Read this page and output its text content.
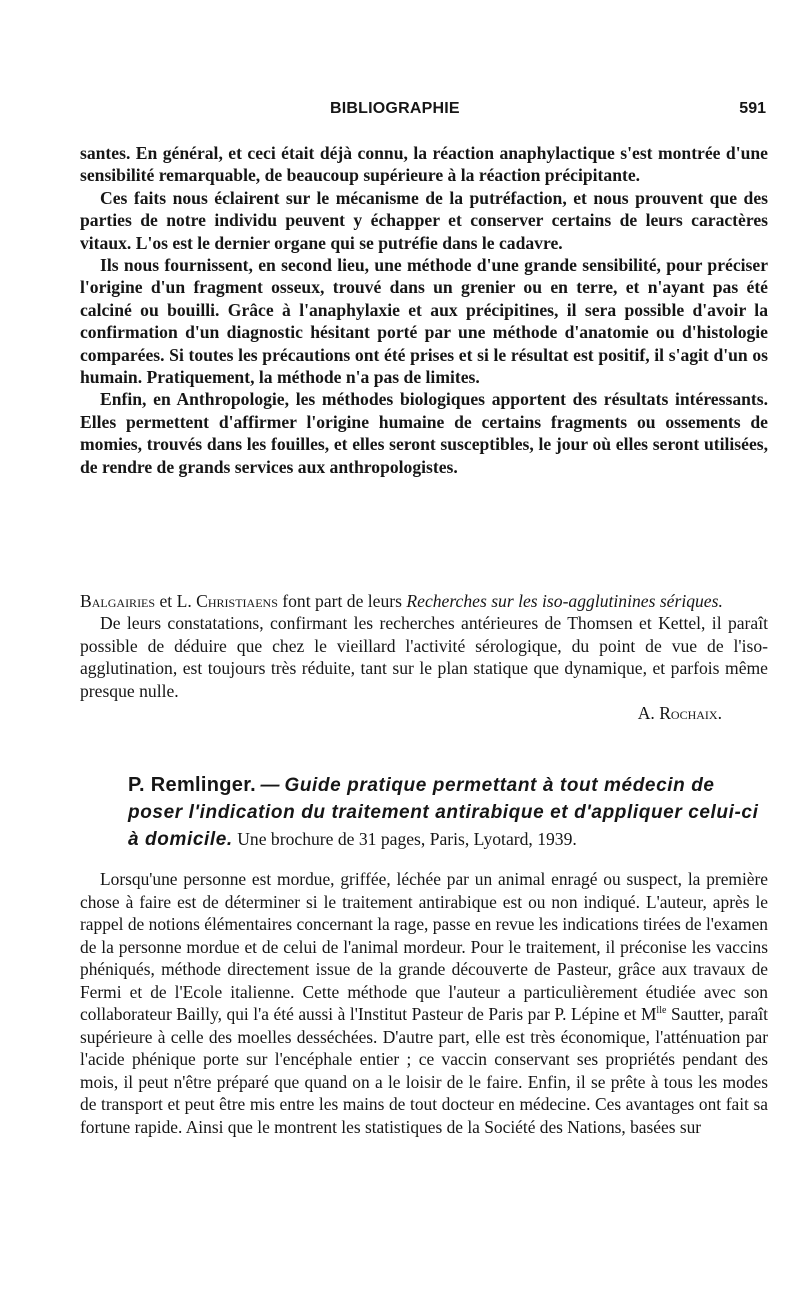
BIBLIOGRAPHIE	591

santes. En général, et ceci était déjà connu, la réaction anaphylactique s'est montrée d'une sensibilité remarquable, de beaucoup supérieure à la réaction précipitante.

Ces faits nous éclairent sur le mécanisme de la putréfaction, et nous prouvent que des parties de notre individu peuvent y échapper et conserver certains de leurs caractères vitaux. L'os est le dernier organe qui se putréfie dans le cadavre.

Ils nous fournissent, en second lieu, une méthode d'une grande sensibilité, pour préciser l'origine d'un fragment osseux, trouvé dans un grenier ou en terre, et n'ayant pas été calciné ou bouilli. Grâce à l'anaphylaxie et aux précipitines, il sera possible d'avoir la confirmation d'un diagnostic hésitant porté par une méthode d'anatomie ou d'histologie comparées. Si toutes les précautions ont été prises et si le résultat est positif, il s'agit d'un os humain. Pratiquement, la méthode n'a pas de limites.

Enfin, en Anthropologie, les méthodes biologiques apportent des résultats intéressants. Elles permettent d'affirmer l'origine humaine de certains fragments ou ossements de momies, trouvés dans les fouilles, et elles seront susceptibles, le jour où elles seront utilisées, de rendre de grands services aux anthropologistes.

Balgairies et L. Christiaens font part de leurs Recherches sur les iso-agglutinines sériques.

De leurs constatations, confirmant les recherches antérieures de Thomsen et Kettel, il paraît possible de déduire que chez le vieillard l'activité sérologique, du point de vue de l'iso-agglutination, est toujours très réduite, tant sur le plan statique que dynamique, et parfois même presque nulle.

A. Rochaix.

P. Remlinger. — Guide pratique permettant à tout médecin de poser l'indication du traitement antirabique et d'appliquer celui-ci à domicile. Une brochure de 31 pages, Paris, Lyotard, 1939.

Lorsqu'une personne est mordue, griffée, léchée par un animal enragé ou suspect, la première chose à faire est de déterminer si le traitement antirabique est ou non indiqué. L'auteur, après le rappel de notions élémentaires concernant la rage, passe en revue les indications tirées de l'examen de la personne mordue et de celui de l'animal mordeur. Pour le traitement, il préconise les vaccins phéniqués, méthode directement issue de la grande découverte de Pasteur, grâce aux travaux de Fermi et de l'Ecole italienne. Cette méthode que l'auteur a particulièrement étudiée avec son collaborateur Bailly, qui l'a été aussi à l'Institut Pasteur de Paris par P. Lépine et $M^{lle}$ Sautter, paraît supérieure à celle des moelles desséchées. D'autre part, elle est très économique, l'atténuation par l'acide phénique porte sur l'encéphale entier ; ce vaccin conservant ses propriétés pendant des mois, il peut n'être préparé que quand on a le loisir de le faire. Enfin, il se prête à tous les modes de transport et peut être mis entre les mains de tout docteur en médecine. Ces avantages ont fait sa fortune rapide. Ainsi que le montrent les statistiques de la Société des Nations, basées sur
